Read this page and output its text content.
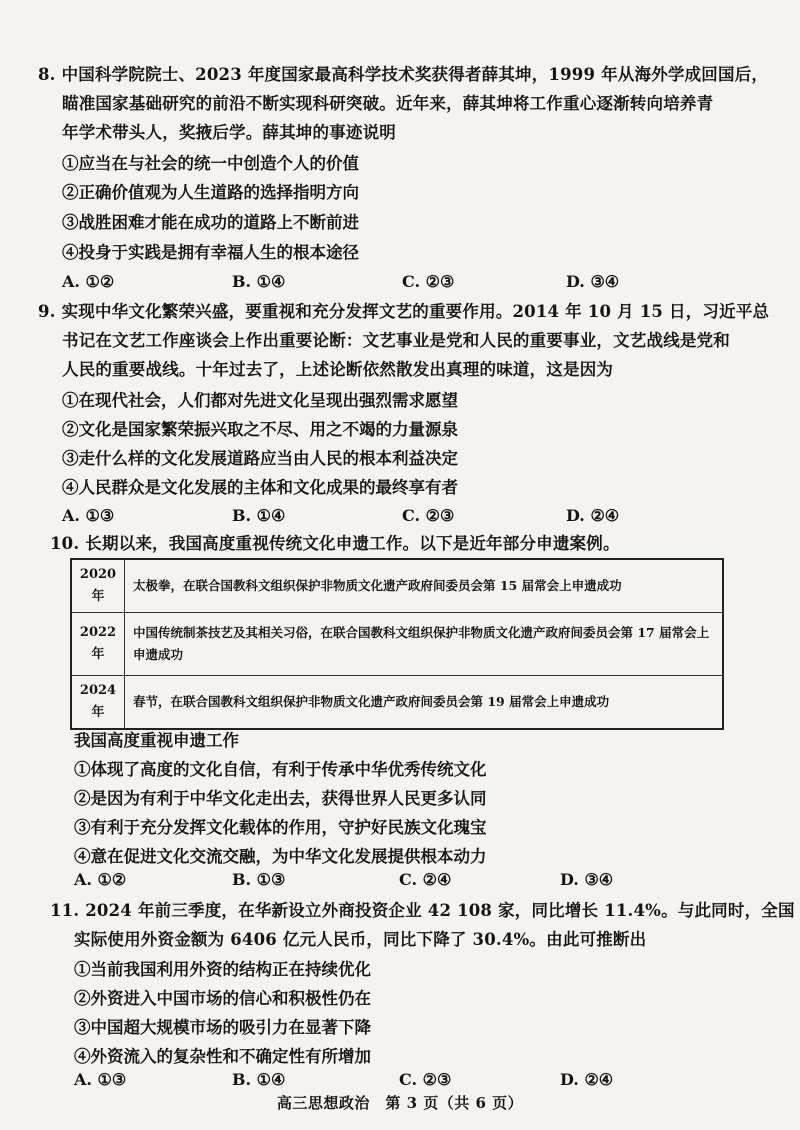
8. 中国科学院院士、2023 年度国家最高科学技术奖获得者薛其坤，1999 年从海外学成回国后，
瞄准国家基础研究的前沿不断实现科研突破。近年来，薛其坤将工作重心逐渐转向培养青
年学术带头人，奖掖后学。薛其坤的事迹说明
①应当在与社会的统一中创造个人的价值
②正确价值观为人生道路的选择指明方向
③战胜困难才能在成功的道路上不断前进
④投身于实践是拥有幸福人生的根本途径
A. ①②	B. ①④	C. ②③	D. ③④
9. 实现中华文化繁荣兴盛，要重视和充分发挥文艺的重要作用。2014 年 10 月 15 日，习近平总
书记在文艺工作座谈会上作出重要论断：文艺事业是党和人民的重要事业，文艺战线是党和
人民的重要战线。十年过去了，上述论断依然散发出真理的味道，这是因为
①在现代社会，人们都对先进文化呈现出强烈需求愿望
②文化是国家繁荣振兴取之不尽、用之不竭的力量源泉
③走什么样的文化发展道路应当由人民的根本利益决定
④人民群众是文化发展的主体和文化成果的最终享有者
A. ①③	B. ①④	C. ②③	D. ②④
10. 长期以来，我国高度重视传统文化申遗工作。以下是近年部分申遗案例。
2020 年	太极拳，在联合国教科文组织保护非物质文化遗产政府间委员会第 15 届常会上申遗成功
2022 年	中国传统制茶技艺及其相关习俗，在联合国教科文组织保护非物质文化遗产政府间委员会第 17 届常会上申遗成功
2024 年	春节，在联合国教科文组织保护非物质文化遗产政府间委员会第 19 届常会上申遗成功
我国高度重视申遗工作
①体现了高度的文化自信，有利于传承中华优秀传统文化
②是因为有利于中华文化走出去，获得世界人民更多认同
③有利于充分发挥文化载体的作用，守护好民族文化瑰宝
④意在促进文化交流交融，为中华文化发展提供根本动力
A. ①②	B. ①③	C. ②④	D. ③④
11. 2024 年前三季度，在华新设立外商投资企业 42 108 家，同比增长 11.4%。与此同时，全国
实际使用外资金额为 6406 亿元人民币，同比下降了 30.4%。由此可推断出
①当前我国利用外资的结构正在持续优化
②外资进入中国市场的信心和积极性仍在
③中国超大规模市场的吸引力在显著下降
④外资流入的复杂性和不确定性有所增加
A. ①③	B. ①④	C. ②③	D. ②④
高三思想政治　第 3 页（共 6 页）
